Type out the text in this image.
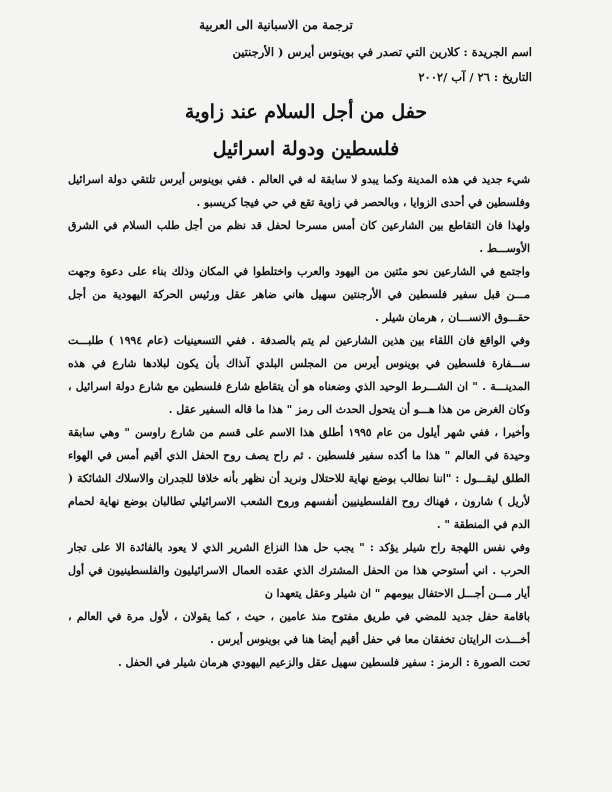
ترجمة من الاسبانية الى العربية
اسم الجريدة : كلارين التي تصدر في بوينوس أيرس ( الأرجنتين
التاريخ : ٢٦ / آب /٢٠٠٢
حفل من أجل السلام عند زاوية
فلسطين ودولة اسرائيل

شيء جديد في هذه المدينة وكما يبدو لا سابقة له في العالم . ففي بوينوس أيرس تلتقي دولة اسرائيل وفلسطين في أحدى الزوايا ، وبالحصر في زاوية تقع في حي فيجا كريسبو .

ولهذا فان التقاطع بين الشارعين كان أمس مسرحا لحفل قد نظم من أجل طلب السلام في الشرق الأوســـط .

واجتمع في الشارعين نحو مئتين من اليهود والعرب واختلطوا في المكان وذلك بناء على دعوة وجهت مـــن قبل سفير فلسطين في الأرجنتين سهيل هاني ضاهر عقل ورئيس الحركة اليهودية من أجل حقـــوق الانســـان , هرمان شيلر .

وفي الواقع فان اللقاء بين هذين الشارعين لم يتم بالصدفة . ففي التسعينيات (عام ١٩٩٤ ) طلبـــت ســـفارة فلسطين في بوينوس أيرس من المجلس البلدي آنذاك بأن يكون لبلادها شارع في هذه المدينـــة . " ان الشـــرط الوحيد الذي وضعناه هو أن يتقاطع شارع فلسطين مع شارع دولة اسرائيل ، وكان الغرض من هذا هـــو أن يتحول الحدث الى رمز " هذا ما قاله السفير عقل .

وأخيرا ، ففي شهر أيلول من عام ١٩٩٥ أطلق هذا الاسم على قسم من شارع راوسن " وهي سابقة وحيدة في العالم " هذا ما أكده سفير فلسطين . ثم راح يصف روح الحفل الذي أقيم أمس في الهواء الطلق ليقـــول : "اننا نطالب بوضع نهاية للاحتلال ونريد أن نظهر بأنه خلافا للجدران والاسلاك الشائكة ( لأريل ) شارون ، فهناك روح الفلسطينيين أنفسهم وروح الشعب الاسرائيلي تطالبان بوضع نهاية لحمام الدم في المنطقة " .

وفي نفس اللهجة راح شيلر يؤكد : " يجب حل هذا النزاع الشرير الذي لا يعود بالفائدة الا على تجار الحرب . اني أستوحي هذا من الحفل المشترك الذي عقده العمال الاسرائيليون والفلسطينيون في أول أيار مـــن أجـــل الاحتفال بيومهم " ان شيلر وعقل يتعهدا ن

باقامة حفل جديد للمضي في طريق مفتوح منذ عامين ، حيث ، كما يقولان ، لأول مرة في العالم ، أخـــذت الرايتان تخفقان معا في حفل أقيم أيضا هنا في بوينوس أيرس .

تحت الصورة : الرمز : سفير فلسطين سهيل عقل والزعيم اليهودي هرمان شيلر في الحفل .
